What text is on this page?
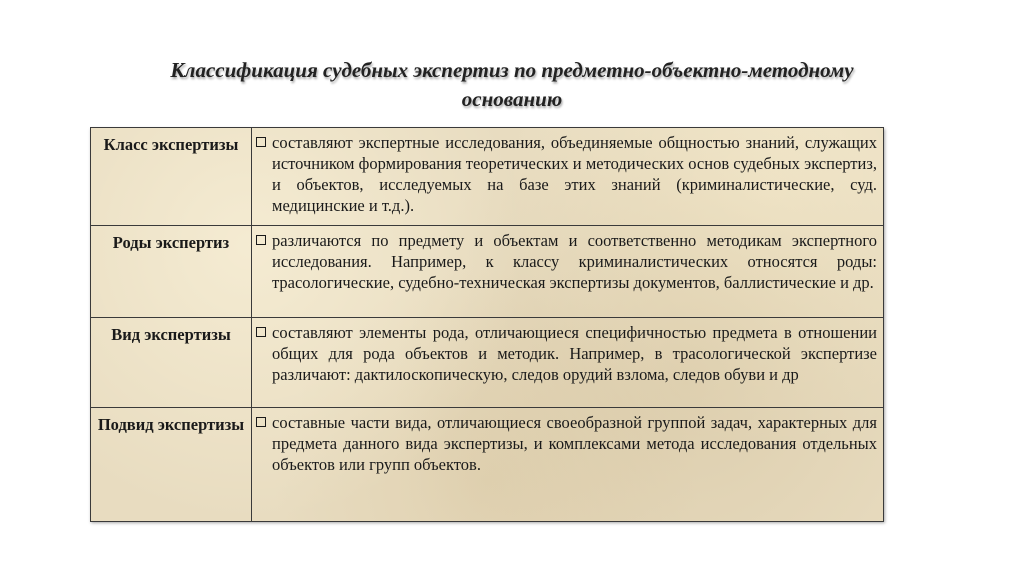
Классификация судебных экспертиз по предметно-объектно-методному основанию
Класс экспертизы	составляют экспертные исследования, объединяемые общностью знаний, служащих источником формирования теоретических и методических основ судебных экспертиз, и объектов, исследуемых на базе этих знаний (криминалистические, суд. медицинские и т.д.).

Роды экспертиз	различаются по предмету и объектам и соответственно методикам экспертного исследования. Например, к классу криминалистических относятся роды: трасологические, судебно-техническая экспертизы документов, баллистические и др.

Вид экспертизы	составляют элементы рода, отличающиеся специфичностью предмета в отношении общих для рода объектов и методик. Например, в трасологической экспертизе различают: дактилоскопическую, следов орудий взлома, следов обуви и др

Подвид экспертизы	составные части вида, отличающиеся своеобразной группой задач, характерных для предмета данного вида экспертизы, и комплексами метода исследования отдельных объектов или групп объектов.
